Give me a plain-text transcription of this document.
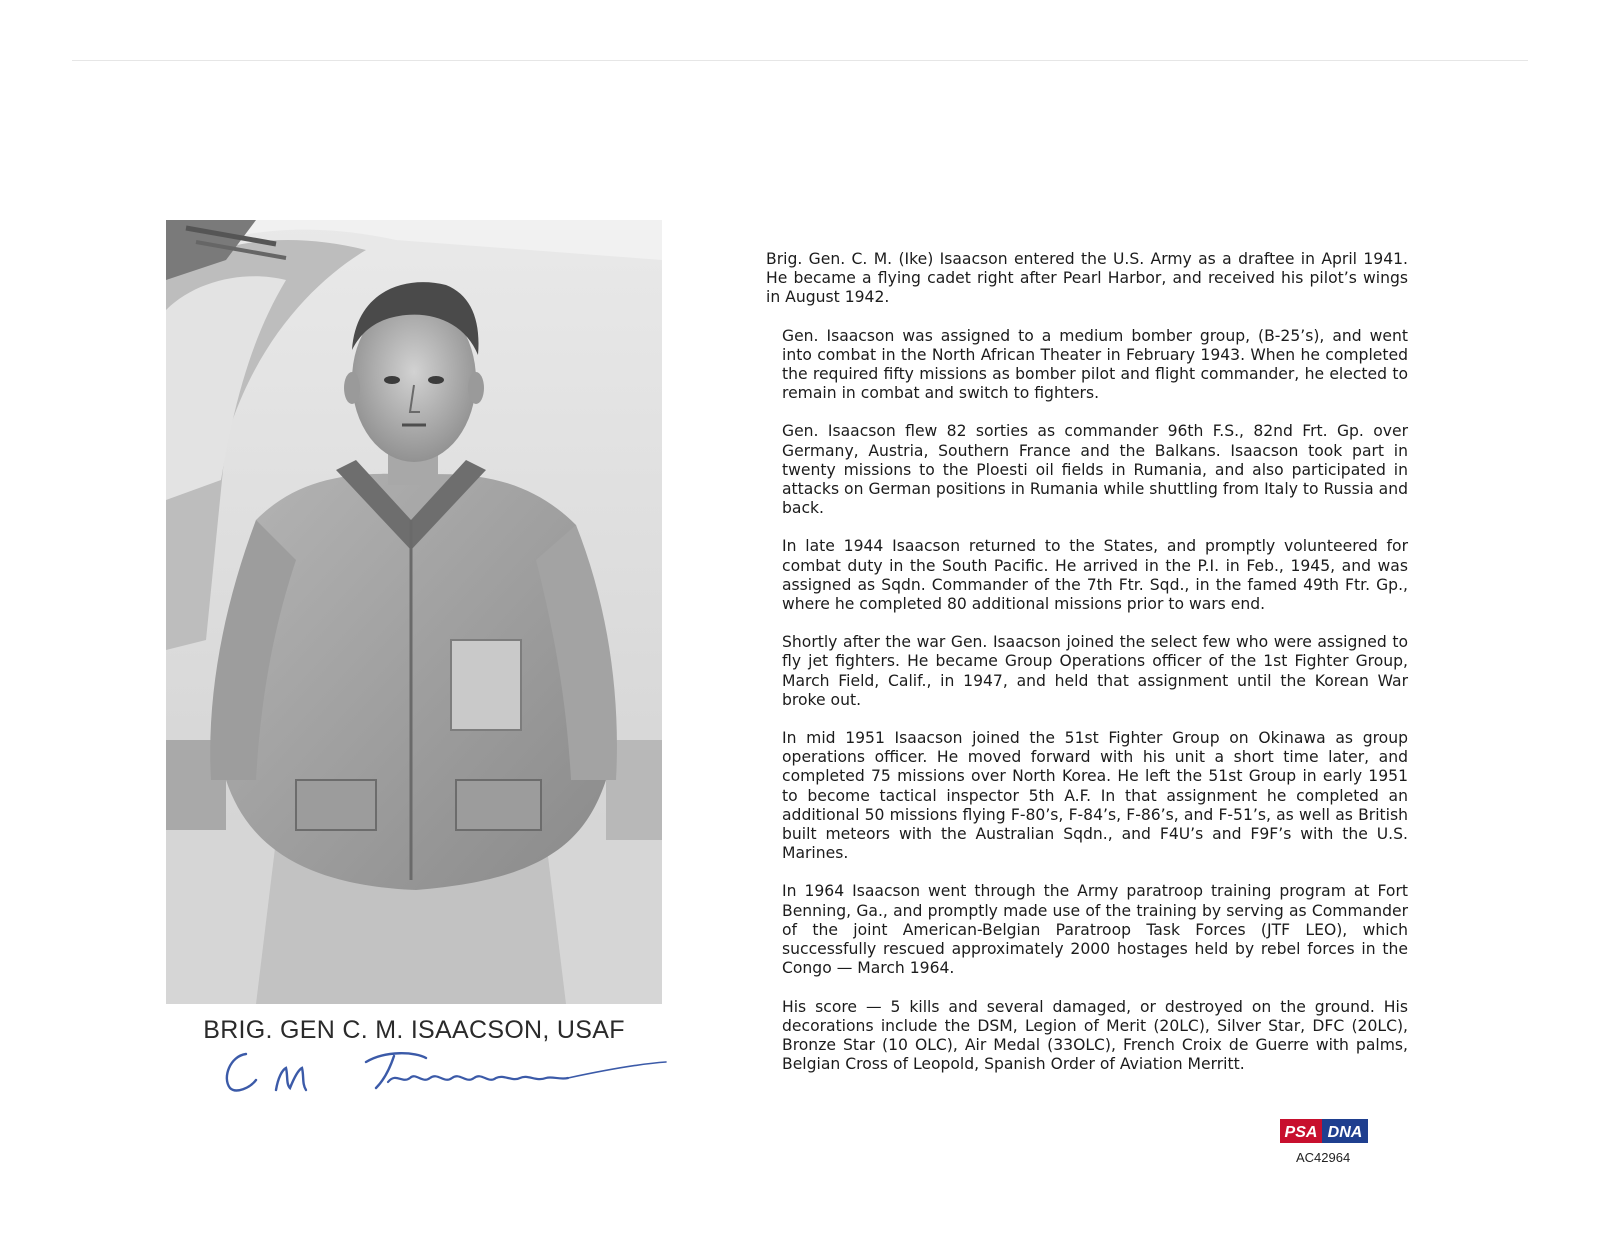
BRIG. GEN C. M. ISAACSON, USAF

Brig. Gen. C. M. (Ike) Isaacson entered the U.S. Army as a draftee in April 1941. He became a flying cadet right after Pearl Harbor, and received his pilot’s wings in August 1942.

Gen. Isaacson was assigned to a medium bomber group, (B-25’s), and went into combat in the North African Theater in February 1943. When he completed the required fifty missions as bomber pilot and flight commander, he elected to remain in combat and switch to fighters.

Gen. Isaacson flew 82 sorties as commander 96th F.S., 82nd Frt. Gp. over Germany, Austria, Southern France and the Balkans. Isaacson took part in twenty missions to the Ploesti oil fields in Rumania, and also participated in attacks on German positions in Rumania while shuttling from Italy to Russia and back.

In late 1944 Isaacson returned to the States, and promptly volunteered for combat duty in the South Pacific. He arrived in the P.I. in Feb., 1945, and was assigned as Sqdn. Commander of the 7th Ftr. Sqd., in the famed 49th Ftr. Gp., where he completed 80 additional missions prior to wars end.

Shortly after the war Gen. Isaacson joined the select few who were assigned to fly jet fighters. He became Group Operations officer of the 1st Fighter Group, March Field, Calif., in 1947, and held that assignment until the Korean War broke out.

In mid 1951 Isaacson joined the 51st Fighter Group on Okinawa as group operations officer. He moved forward with his unit a short time later, and completed 75 missions over North Korea. He left the 51st Group in early 1951 to become tactical inspector 5th A.F. In that assignment he completed an additional 50 missions flying F-80’s, F-84’s, F-86’s, and F-51’s, as well as British built meteors with the Australian Sqdn., and F4U’s and F9F’s with the U.S. Marines.

In 1964 Isaacson went through the Army paratroop training program at Fort Benning, Ga., and promptly made use of the training by serving as Commander of the joint American-Belgian Paratroop Task Forces (JTF LEO), which successfully rescued approximately 2000 hostages held by rebel forces in the Congo — March 1964.

His score — 5 kills and several damaged, or destroyed on the ground. His decorations include the DSM, Legion of Merit (20LC), Silver Star, DFC (20LC), Bronze Star (10 OLC), Air Medal (33OLC), French Croix de Guerre with palms, Belgian Cross of Leopold, Spanish Order of Aviation Merritt.

PSA DNA
AC42964
